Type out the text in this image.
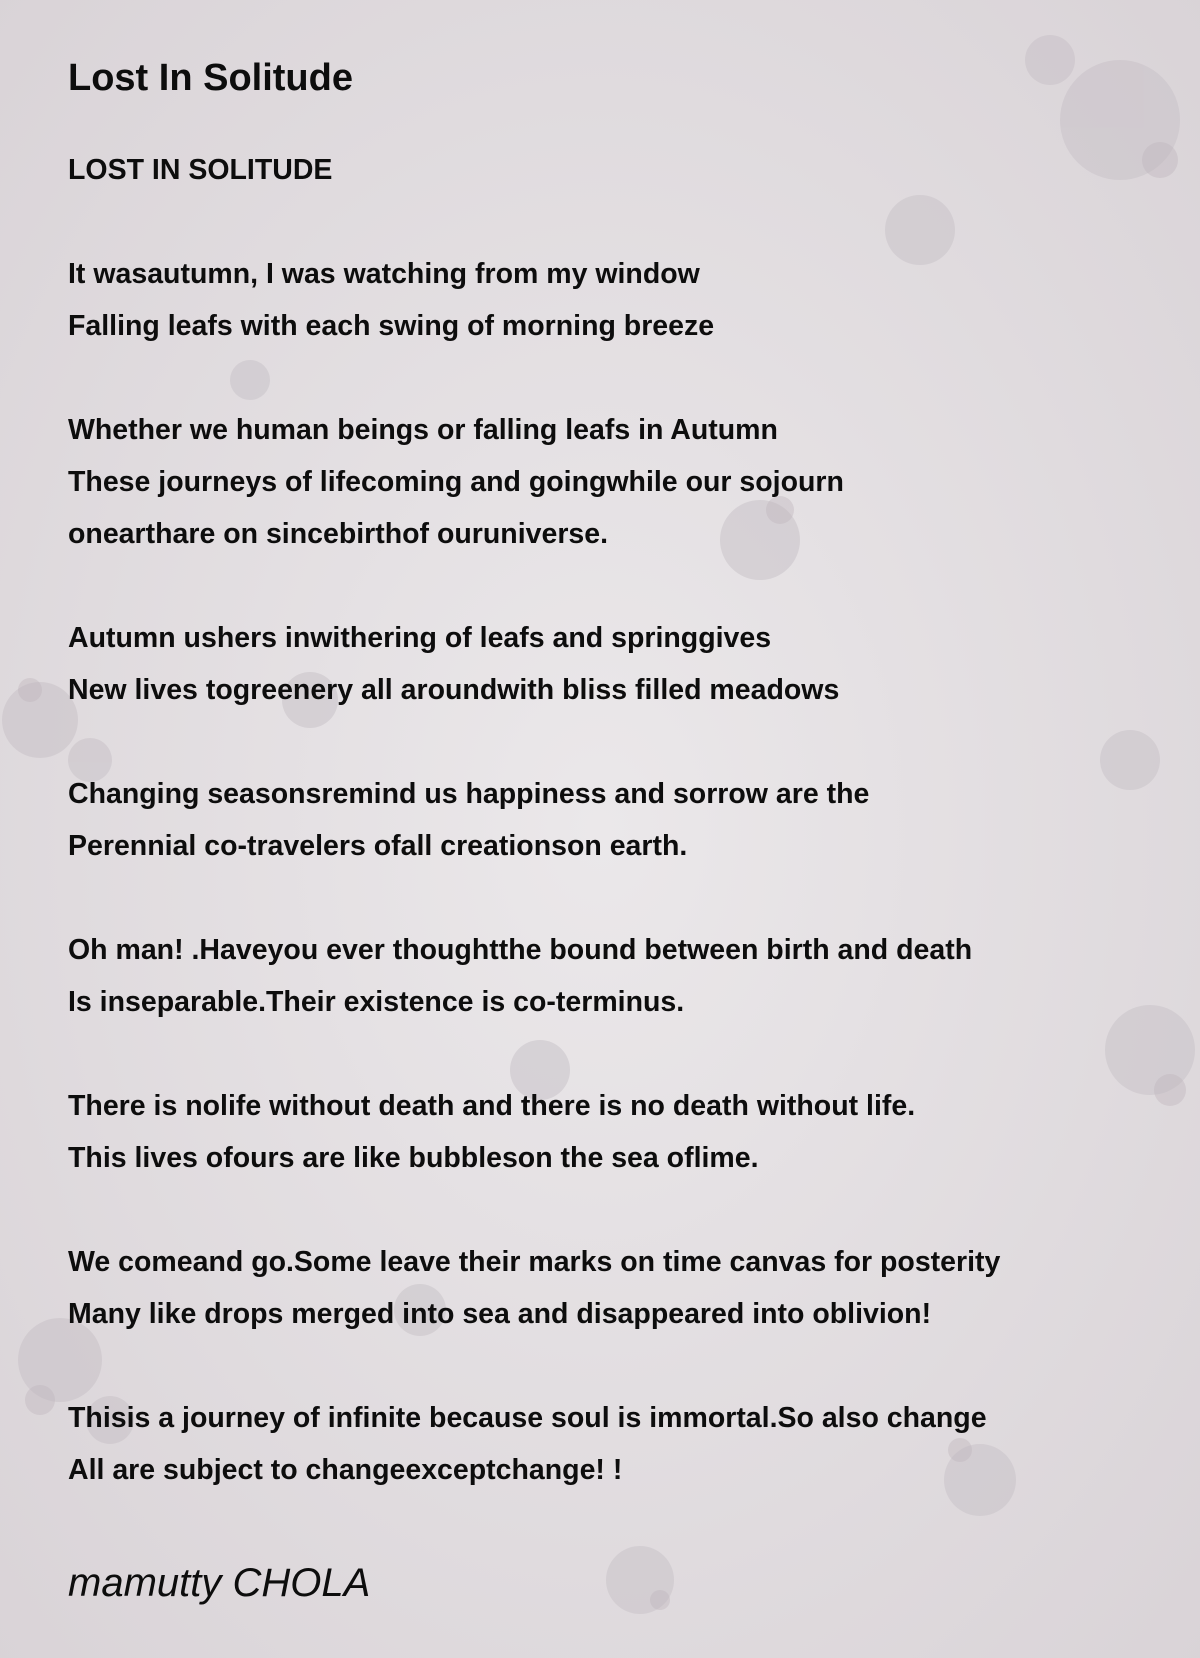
Lost In Solitude
LOST IN SOLITUDE
It wasautumn, I was watching from my window
Falling leafs with each swing of morning breeze
Whether we human beings or falling leafs in Autumn
These journeys of lifecoming and goingwhile our sojourn
onearthare on sincebirthof ouruniverse.
Autumn ushers inwithering of leafs and springgives
New lives togreenery all aroundwith bliss filled meadows
Changing seasonsremind us happiness and sorrow are the
Perennial co-travelers ofall creationson earth.
Oh man! .Haveyou ever thoughtthe bound between birth and death
Is inseparable.Their existence is co-terminus.
There is nolife without death and there is no death without life.
This lives ofours are like bubbleson the sea oflime.
We comeand go.Some leave their marks on time canvas for posterity
Many like drops merged into sea and disappeared into oblivion!
Thisis a journey of infinite because soul is immortal.So also change
All are subject to changeexceptchange! !
mamutty CHOLA
